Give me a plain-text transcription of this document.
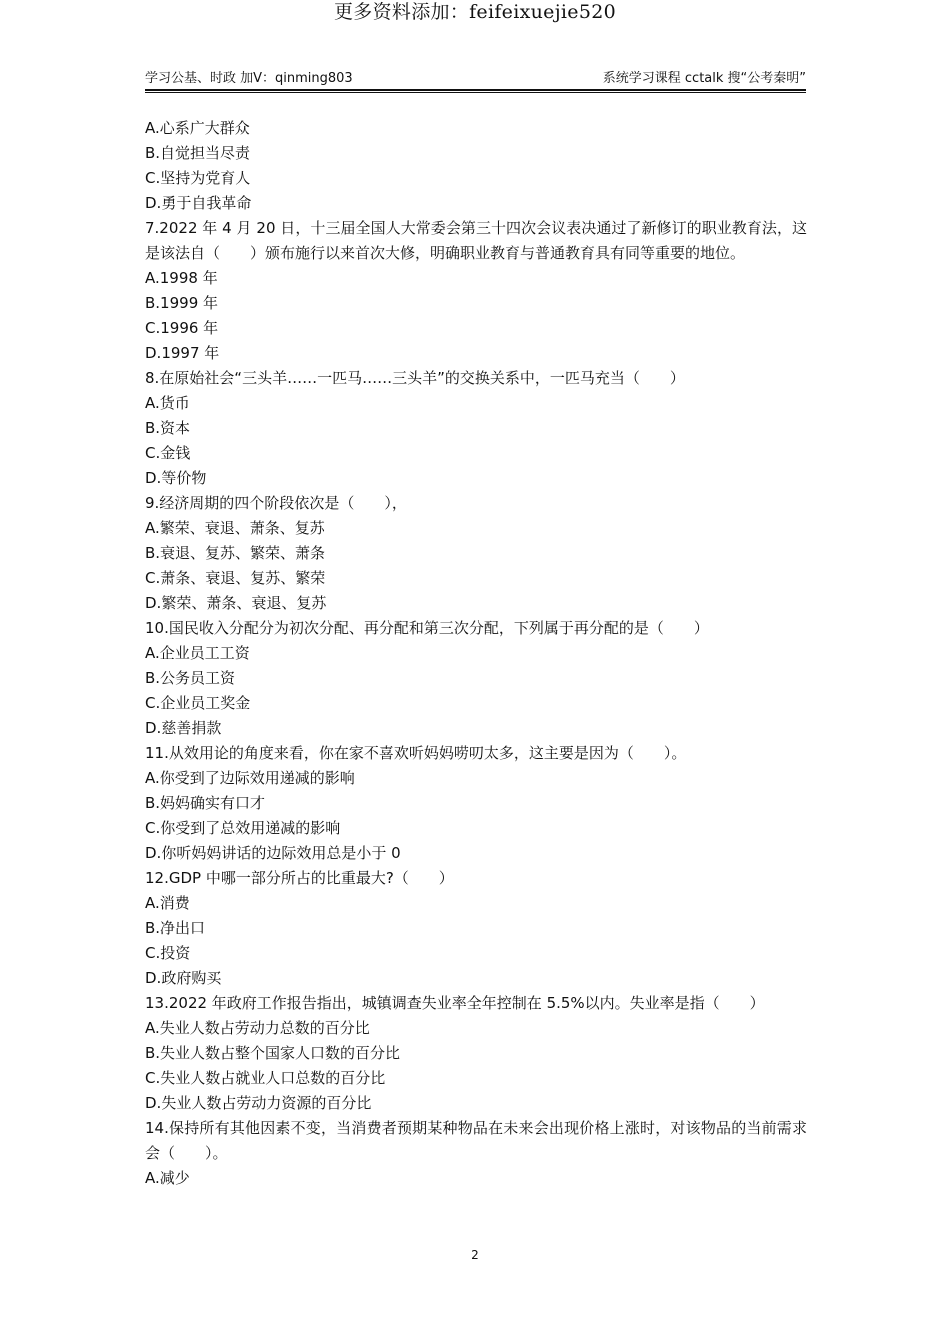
更多资料添加：feifeixuejie520
学习公基、时政 加V：qinming803	系统学习课程 cctalk 搜“公考秦明”
A.心系广大群众
B.自觉担当尽责
C.坚持为党育人
D.勇于自我革命
7.2022 年 4 月 20 日，十三届全国人大常委会第三十四次会议表决通过了新修订的职业教育法，这是该法自（　　）颁布施行以来首次大修，明确职业教育与普通教育具有同等重要的地位。
A.1998 年
B.1999 年
C.1996 年
D.1997 年
8.在原始社会“三头羊……一匹马……三头羊”的交换关系中，一匹马充当（　　）
A.货币
B.资本
C.金钱
D.等价物
9.经济周期的四个阶段依次是（　　），
A.繁荣、衰退、萧条、复苏
B.衰退、复苏、繁荣、萧条
C.萧条、衰退、复苏、繁荣
D.繁荣、萧条、衰退、复苏
10.国民收入分配分为初次分配、再分配和第三次分配，下列属于再分配的是（　　）
A.企业员工工资
B.公务员工资
C.企业员工奖金
D.慈善捐款
11.从效用论的角度来看，你在家不喜欢听妈妈唠叨太多，这主要是因为（　　）。
A.你受到了边际效用递减的影响
B.妈妈确实有口才
C.你受到了总效用递减的影响
D.你听妈妈讲话的边际效用总是小于 0
12.GDP 中哪一部分所占的比重最大?（　　）
A.消费
B.净出口
C.投资
D.政府购买
13.2022 年政府工作报告指出，城镇调查失业率全年控制在 5.5%以内。失业率是指（　　）
A.失业人数占劳动力总数的百分比
B.失业人数占整个国家人口数的百分比
C.失业人数占就业人口总数的百分比
D.失业人数占劳动力资源的百分比
14.保持所有其他因素不变，当消费者预期某种物品在未来会出现价格上涨时，对该物品的当前需求会（　　）。
A.减少
2
